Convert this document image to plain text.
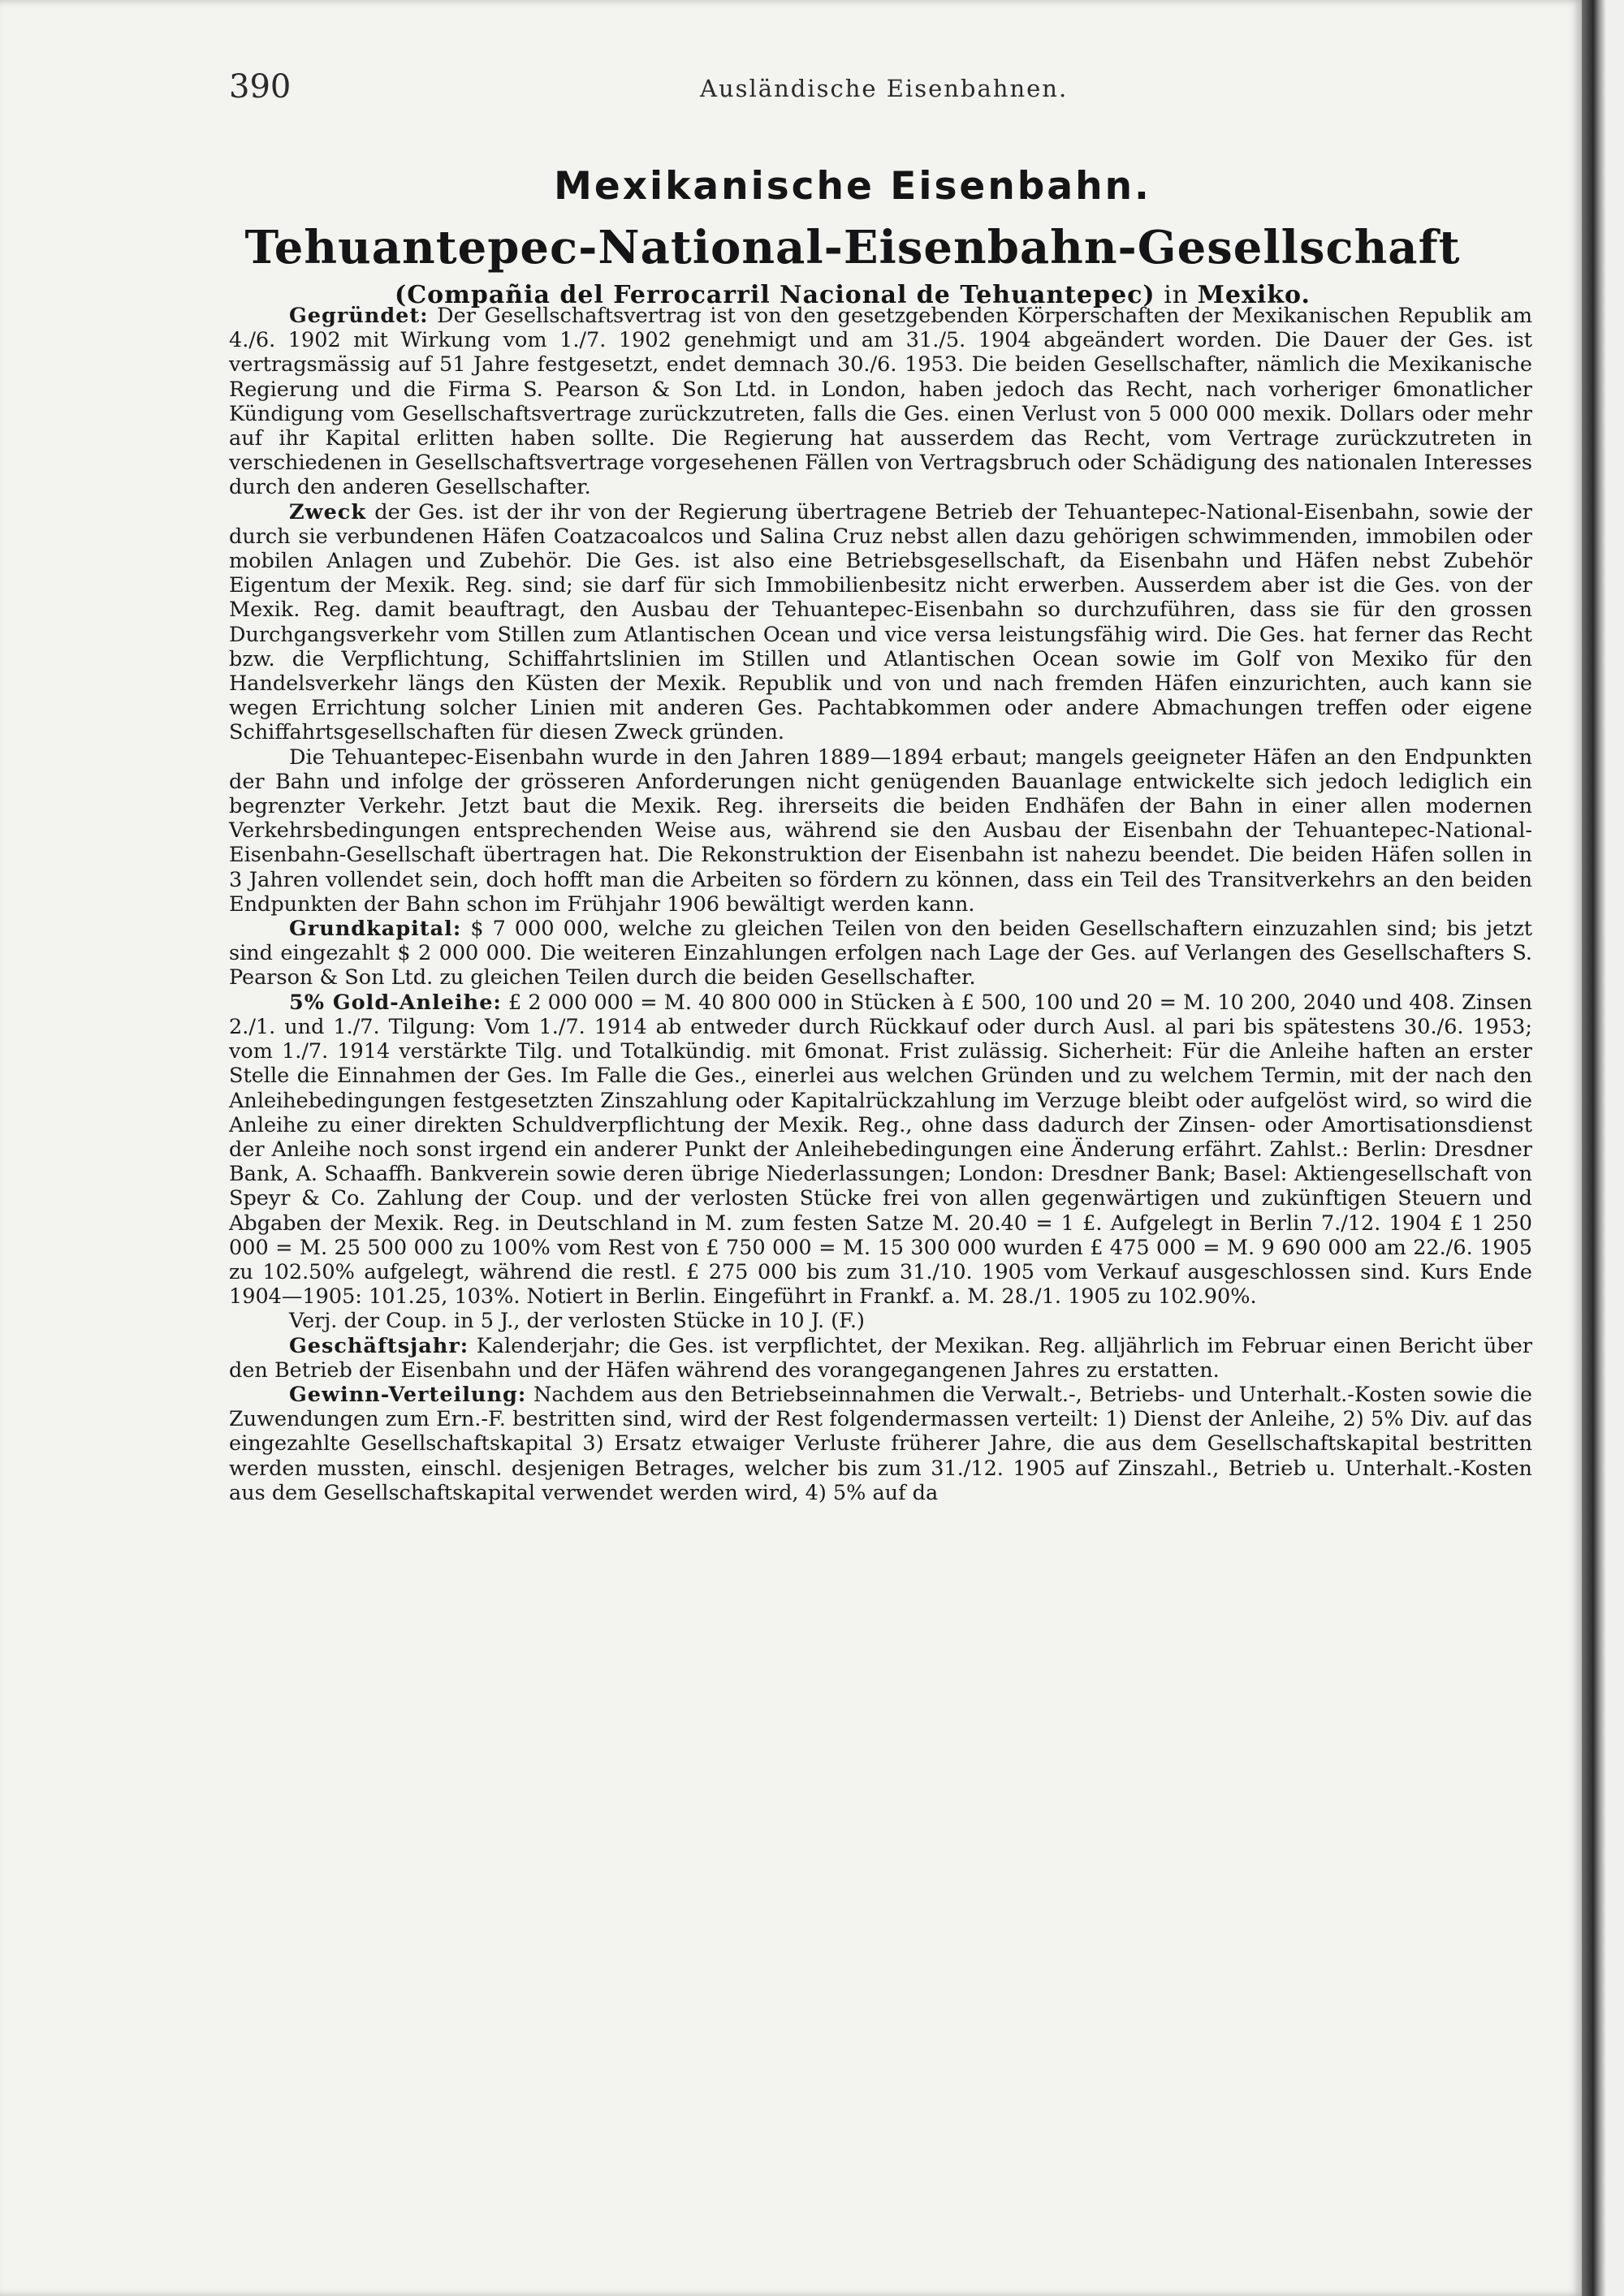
390	Ausländische Eisenbahnen.
Mexikanische Eisenbahn.
Tehuantepec-National-Eisenbahn-Gesellschaft
(Compañia del Ferrocarril Nacional de Tehuantepec) in Mexiko.

Gegründet: Der Gesellschaftsvertrag ist von den gesetzgebenden Körperschaften der Mexikanischen Republik am 4./6. 1902 mit Wirkung vom 1./7. 1902 genehmigt und am 31./5. 1904 abgeändert worden. Die Dauer der Ges. ist vertragsmässig auf 51 Jahre festgesetzt, endet demnach 30./6. 1953. Die beiden Gesellschafter, nämlich die Mexikanische Regierung und die Firma S. Pearson & Son Ltd. in London, haben jedoch das Recht, nach vorheriger 6monatlicher Kündigung vom Gesellschaftsvertrage zurückzutreten, falls die Ges. einen Verlust von 5 000 000 mexik. Dollars oder mehr auf ihr Kapital erlitten haben sollte. Die Regierung hat ausserdem das Recht, vom Vertrage zurückzutreten in verschiedenen in Gesellschaftsvertrage vorgesehenen Fällen von Vertragsbruch oder Schädigung des nationalen Interesses durch den anderen Gesellschafter.

Zweck der Ges. ist der ihr von der Regierung übertragene Betrieb der Tehuantepec-National-Eisenbahn, sowie der durch sie verbundenen Häfen Coatzacoalcos und Salina Cruz nebst allen dazu gehörigen schwimmenden, immobilen oder mobilen Anlagen und Zubehör. Die Ges. ist also eine Betriebsgesellschaft, da Eisenbahn und Häfen nebst Zubehör Eigentum der Mexik. Reg. sind; sie darf für sich Immobilienbesitz nicht erwerben. Ausserdem aber ist die Ges. von der Mexik. Reg. damit beauftragt, den Ausbau der Tehuantepec-Eisenbahn so durchzuführen, dass sie für den grossen Durchgangsverkehr vom Stillen zum Atlantischen Ocean und vice versa leistungsfähig wird. Die Ges. hat ferner das Recht bzw. die Verpflichtung, Schiffahrtslinien im Stillen und Atlantischen Ocean sowie im Golf von Mexiko für den Handelsverkehr längs den Küsten der Mexik. Republik und von und nach fremden Häfen einzurichten, auch kann sie wegen Errichtung solcher Linien mit anderen Ges. Pachtabkommen oder andere Abmachungen treffen oder eigene Schiffahrtsgesellschaften für diesen Zweck gründen.

Die Tehuantepec-Eisenbahn wurde in den Jahren 1889—1894 erbaut; mangels geeigneter Häfen an den Endpunkten der Bahn und infolge der grösseren Anforderungen nicht genügenden Bauanlage entwickelte sich jedoch lediglich ein begrenzter Verkehr. Jetzt baut die Mexik. Reg. ihrerseits die beiden Endhäfen der Bahn in einer allen modernen Verkehrsbedingungen entsprechenden Weise aus, während sie den Ausbau der Eisenbahn der Tehuantepec-National-Eisenbahn-Gesellschaft übertragen hat. Die Rekonstruktion der Eisenbahn ist nahezu beendet. Die beiden Häfen sollen in 3 Jahren vollendet sein, doch hofft man die Arbeiten so fördern zu können, dass ein Teil des Transitverkehrs an den beiden Endpunkten der Bahn schon im Frühjahr 1906 bewältigt werden kann.

Grundkapital: $ 7 000 000, welche zu gleichen Teilen von den beiden Gesellschaftern einzuzahlen sind; bis jetzt sind eingezahlt $ 2 000 000. Die weiteren Einzahlungen erfolgen nach Lage der Ges. auf Verlangen des Gesellschafters S. Pearson & Son Ltd. zu gleichen Teilen durch die beiden Gesellschafter.

5% Gold-Anleihe: £ 2 000 000 = M. 40 800 000 in Stücken à £ 500, 100 und 20 = M. 10 200, 2040 und 408. Zinsen 2./1. und 1./7. Tilgung: Vom 1./7. 1914 ab entweder durch Rückkauf oder durch Ausl. al pari bis spätestens 30./6. 1953; vom 1./7. 1914 verstärkte Tilg. und Totalkündig. mit 6monat. Frist zulässig. Sicherheit: Für die Anleihe haften an erster Stelle die Einnahmen der Ges. Im Falle die Ges., einerlei aus welchen Gründen und zu welchem Termin, mit der nach den Anleihebedingungen festgesetzten Zinszahlung oder Kapitalrückzahlung im Verzuge bleibt oder aufgelöst wird, so wird die Anleihe zu einer direkten Schuldverpflichtung der Mexik. Reg., ohne dass dadurch der Zinsen- oder Amortisationsdienst der Anleihe noch sonst irgend ein anderer Punkt der Anleihebedingungen eine Änderung erfährt. Zahlst.: Berlin: Dresdner Bank, A. Schaaffh. Bankverein sowie deren übrige Niederlassungen; London: Dresdner Bank; Basel: Aktiengesellschaft von Speyr & Co. Zahlung der Coup. und der verlosten Stücke frei von allen gegenwärtigen und zukünftigen Steuern und Abgaben der Mexik. Reg. in Deutschland in M. zum festen Satze M. 20.40 = 1 £. Aufgelegt in Berlin 7./12. 1904 £ 1 250 000 = M. 25 500 000 zu 100% vom Rest von £ 750 000 = M. 15 300 000 wurden £ 475 000 = M. 9 690 000 am 22./6. 1905 zu 102.50% aufgelegt, während die restl. £ 275 000 bis zum 31./10. 1905 vom Verkauf ausgeschlossen sind. Kurs Ende 1904—1905: 101.25, 103%. Notiert in Berlin. Eingeführt in Frankf. a. M. 28./1. 1905 zu 102.90%.

Verj. der Coup. in 5 J., der verlosten Stücke in 10 J. (F.)

Geschäftsjahr: Kalenderjahr; die Ges. ist verpflichtet, der Mexikan. Reg. alljährlich im Februar einen Bericht über den Betrieb der Eisenbahn und der Häfen während des vorangegangenen Jahres zu erstatten.

Gewinn-Verteilung: Nachdem aus den Betriebseinnahmen die Verwalt.-, Betriebs- und Unterhalt.-Kosten sowie die Zuwendungen zum Ern.-F. bestritten sind, wird der Rest folgendermassen verteilt: 1) Dienst der Anleihe, 2) 5% Div. auf das eingezahlte Gesellschaftskapital 3) Ersatz etwaiger Verluste früherer Jahre, die aus dem Gesellschaftskapital bestritten werden mussten, einschl. desjenigen Betrages, welcher bis zum 31./12. 1905 auf Zinszahl., Betrieb u. Unterhalt.-Kosten aus dem Gesellschaftskapital verwendet werden wird, 4) 5% auf da
